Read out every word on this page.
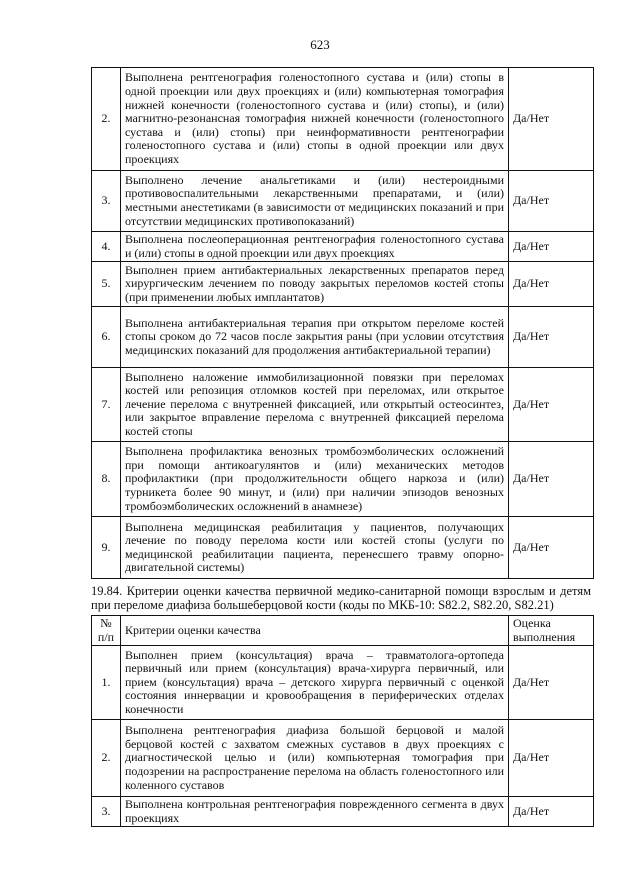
623
2.	Выполнена рентгенография голеностопного сустава и (или) стопы в одной проекции или двух проекциях и (или) компьютерная томография нижней конечности (голеностопного сустава и (или) стопы), и (или) магнитно-резонансная томография нижней конечности (голеностопного сустава и (или) стопы) при неинформативности рентгенографии голеностопного сустава и (или) стопы в одной проекции или двух проекциях	Да/Нет
3.	Выполнено лечение анальгетиками и (или) нестероидными противовоспалительными лекарственными препаратами, и (или) местными анестетиками (в зависимости от медицинских показаний и при отсутствии медицинских противопоказаний)	Да/Нет
4.	Выполнена послеоперационная рентгенография голеностопного сустава и (или) стопы в одной проекции или двух проекциях	Да/Нет
5.	Выполнен прием антибактериальных лекарственных препаратов перед хирургическим лечением по поводу закрытых переломов костей стопы (при применении любых имплантатов)	Да/Нет
6.	Выполнена антибактериальная терапия при открытом переломе костей стопы сроком до 72 часов после закрытия раны (при условии отсутствия медицинских показаний для продолжения антибактериальной терапии)	Да/Нет
7.	Выполнено наложение иммобилизационной повязки при переломах костей или репозиция отломков костей при переломах, или открытое лечение перелома с внутренней фиксацией, или открытый остеосинтез, или закрытое вправление перелома с внутренней фиксацией перелома костей стопы	Да/Нет
8.	Выполнена профилактика венозных тромбоэмболических осложнений при помощи антикоагулянтов и (или) механических методов профилактики (при продолжительности общего наркоза и (или) турникета более 90 минут, и (или) при наличии эпизодов венозных тромбоэмболических осложнений в анамнезе)	Да/Нет
9.	Выполнена медицинская реабилитация у пациентов, получающих лечение по поводу перелома кости или костей стопы (услуги по медицинской реабилитации пациента, перенесшего травму опорно-двигательной системы)	Да/Нет
19.84. Критерии оценки качества первичной медико-санитарной помощи взрослым и детям при переломе диафиза большеберцовой кости (коды по МКБ-10: S82.2, S82.20, S82.21)
№ п/п	Критерии оценки качества	Оценка выполнения
1.	Выполнен прием (консультация) врача – травматолога-ортопеда первичный или прием (консультация) врача-хирурга первичный, или прием (консультация) врача – детского хирурга первичный с оценкой состояния иннервации и кровообращения в периферических отделах конечности	Да/Нет
2.	Выполнена рентгенография диафиза большой берцовой и малой берцовой костей с захватом смежных суставов в двух проекциях с диагностической целью и (или) компьютерная томография при подозрении на распространение перелома на область голеностопного или коленного суставов	Да/Нет
3.	Выполнена контрольная рентгенография поврежденного сегмента в двух проекциях	Да/Нет
